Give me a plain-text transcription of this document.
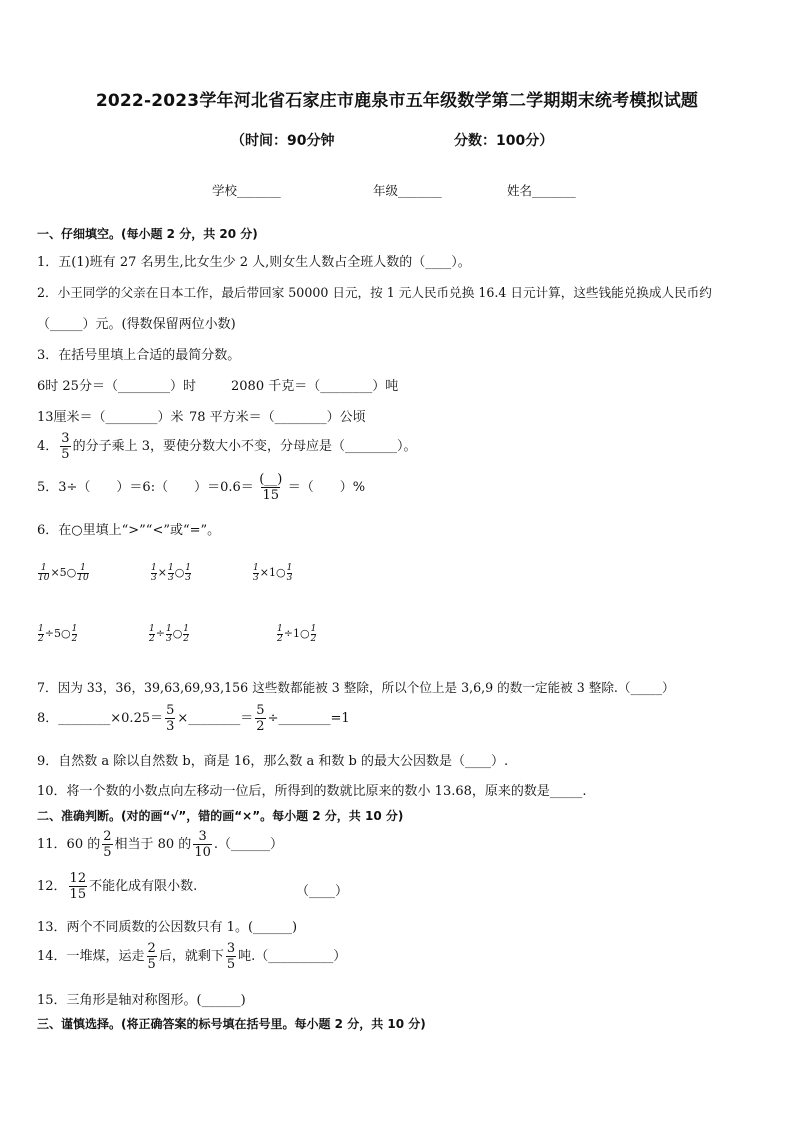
2022-2023学年河北省石家庄市鹿泉市五年级数学第二学期期末统考模拟试题
（时间：90分钟	分数：100分）
学校_______	年级_______	姓名_______
一、仔细填空。(每小题 2 分，共 20 分)
1．五(1)班有 27 名男生,比女生少 2 人,则女生人数占全班人数的（____）。
2．小王同学的父亲在日本工作，最后带回家 50000 日元，按 1 元人民币兑换 16.4 日元计算，这些钱能兑换成人民币约
（_____）元。(得数保留两位小数)
3．在括号里填上合适的最简分数。
6时 25分＝（________）时	2080 千克＝（________）吨
13厘米＝（________）米 78 平方米＝（________）公顷
4． $\frac{3}{5}$ 的分子乘上 3，要使分数大小不变，分母应是（________）。
5．3÷（　　）＝6:（　　）$=0.6= \frac{(\_\_)}{15}$ ＝（　　）%
6．在○里填上“>”“<”或“=”。
$\frac{1}{10}$ ×5○ $\frac{1}{10}$	$\frac{1}{3} \times \frac{1}{3}$ ○ $\frac{1}{3}$	$\frac{1}{3}$ ×1○ $\frac{1}{3}$
$\frac{1}{2}$ ÷5○ $\frac{1}{2}$	$\frac{1}{2} \div \frac{1}{3}$ ○ $\frac{1}{2}$	$\frac{1}{2}$ ÷1○ $\frac{1}{2}$
7．因为 33，36，39,63,69,93,156 这些数都能被 3 整除，所以个位上是 3,6,9 的数一定能被 3 整除.（_____）
8．________×0.25＝ $\frac{5}{3}$ ×________＝ $\frac{5}{2}$ ÷________=1
9．自然数 a 除以自然数 b，商是 16，那么数 a 和数 b 的最大公因数是（____）.
10．将一个数的小数点向左移动一位后，所得到的数就比原来的数小 13.68，原来的数是_____.
二、准确判断。(对的画“√”，错的画“×”。每小题 2 分，共 10 分)
11．60 的 $\frac{2}{5}$ 相当于 80 的 $\frac{3}{10}$ .（______）
12． $\frac{12}{15}$ 不能化成有限小数.	（____）
13．两个不同质数的公因数只有 1。(______)
14．一堆煤，运走 $\frac{2}{5}$ 后，就剩下 $\frac{3}{5}$ 吨.（__________）
15．三角形是轴对称图形。(______)
三、谨慎选择。(将正确答案的标号填在括号里。每小题 2 分，共 10 分)
